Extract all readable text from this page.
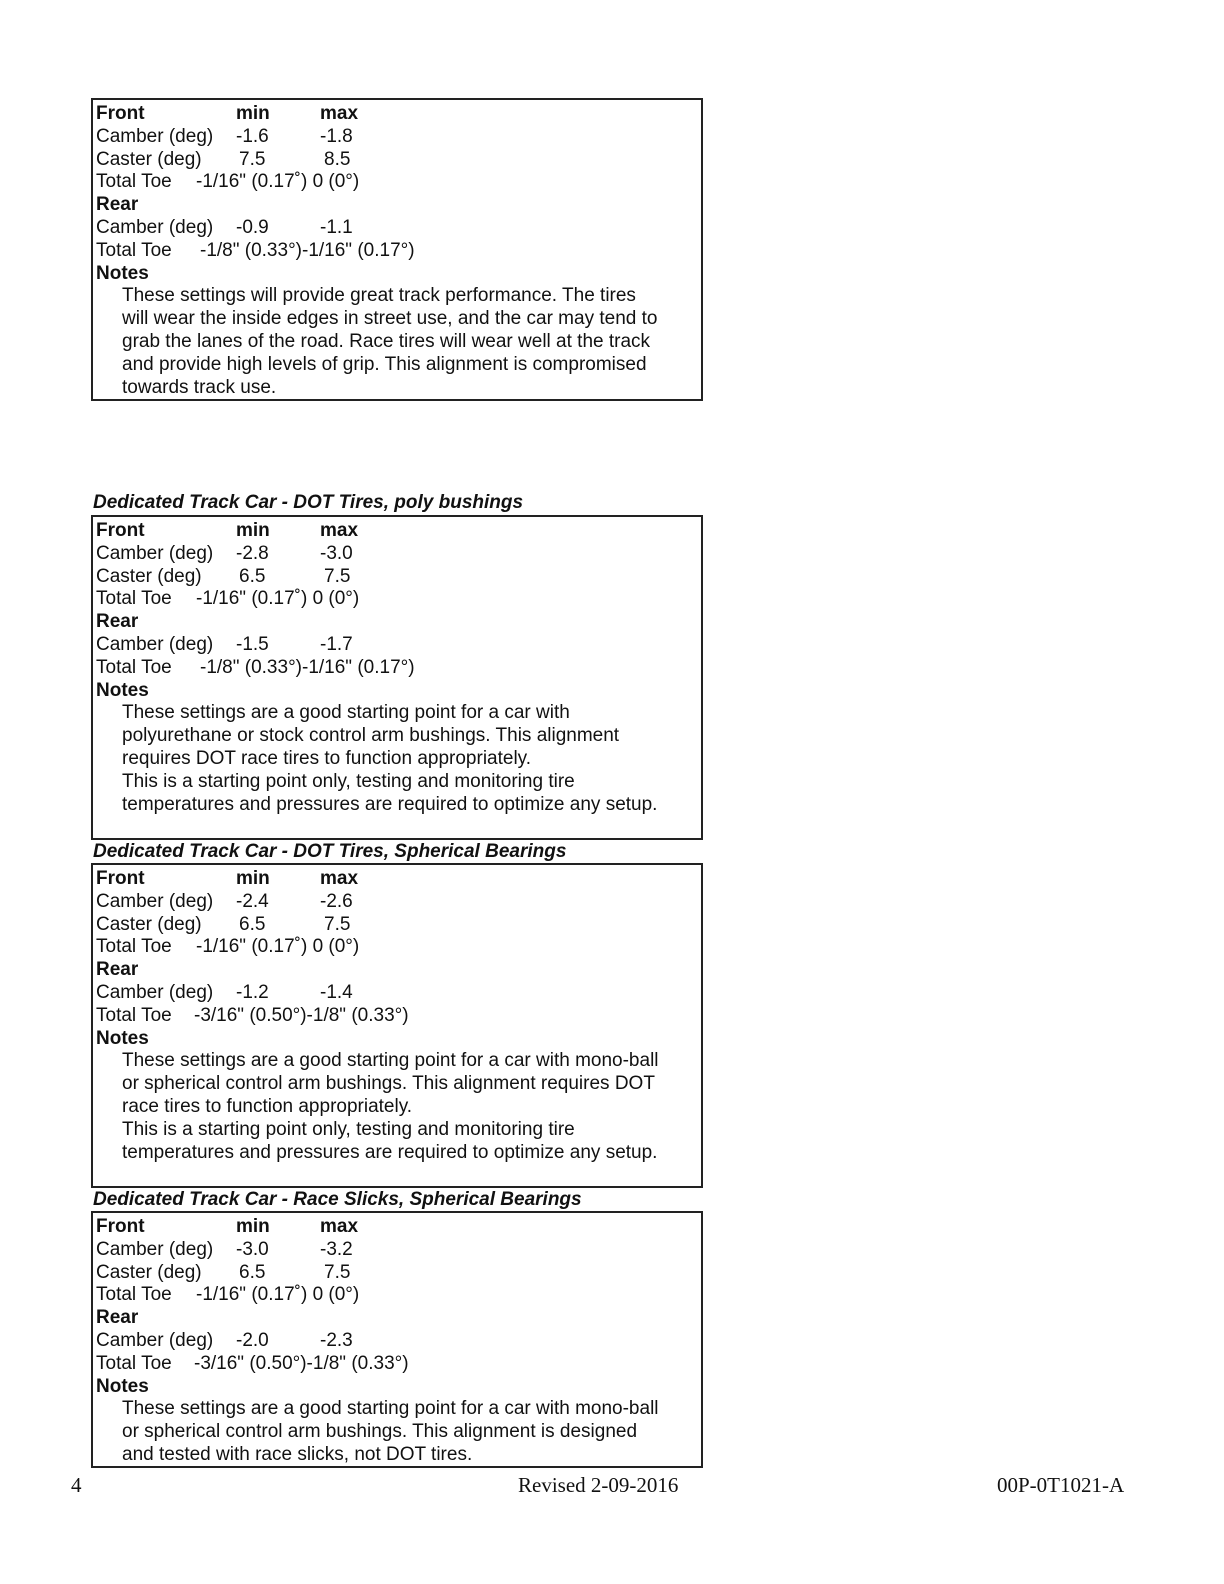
Front	min	max
Camber (deg) -1.6	-1.8
Caster (deg) 7.5	8.5
Total Toe -1/16" (0.17˚) 0 (0°)
Rear
Camber (deg) -0.9	-1.1
Total Toe -1/8" (0.33°)-1/16" (0.17°)
Notes

These settings will provide great track performance. The tires will wear the inside edges in street use, and the car may tend to grab the lanes of the road. Race tires will wear well at the track and provide high levels of grip. This alignment is compromised towards track use.

Dedicated Track Car - DOT Tires, poly bushings
Front	min	max
Camber (deg) -2.8	-3.0
Caster (deg) 6.5	7.5
Total Toe -1/16" (0.17˚) 0 (0°)
Rear
Camber (deg) -1.5	-1.7
Total Toe -1/8" (0.33°)-1/16" (0.17°)
Notes

These settings are a good starting point for a car with polyurethane or stock control arm bushings. This alignment requires DOT race tires to function appropriately.

This is a starting point only, testing and monitoring tire temperatures and pressures are required to optimize any setup.

Dedicated Track Car - DOT Tires, Spherical Bearings
Front	min	max
Camber (deg) -2.4	-2.6
Caster (deg) 6.5	7.5
Total Toe -1/16" (0.17˚) 0 (0°)
Rear
Camber (deg) -1.2	-1.4
Total Toe -3/16" (0.50°)-1/8" (0.33°)
Notes

These settings are a good starting point for a car with mono-ball or spherical control arm bushings. This alignment requires DOT race tires to function appropriately.

This is a starting point only, testing and monitoring tire temperatures and pressures are required to optimize any setup.

Dedicated Track Car - Race Slicks, Spherical Bearings
Front	min	max
Camber (deg) -3.0	-3.2
Caster (deg) 6.5	7.5
Total Toe -1/16" (0.17˚) 0 (0°)
Rear
Camber (deg) -2.0	-2.3
Total Toe -3/16" (0.50°)-1/8" (0.33°)
Notes

These settings are a good starting point for a car with mono-ball or spherical control arm bushings. This alignment is designed and tested with race slicks, not DOT tires.

4	Revised 2-09-2016	00P-0T1021-A
